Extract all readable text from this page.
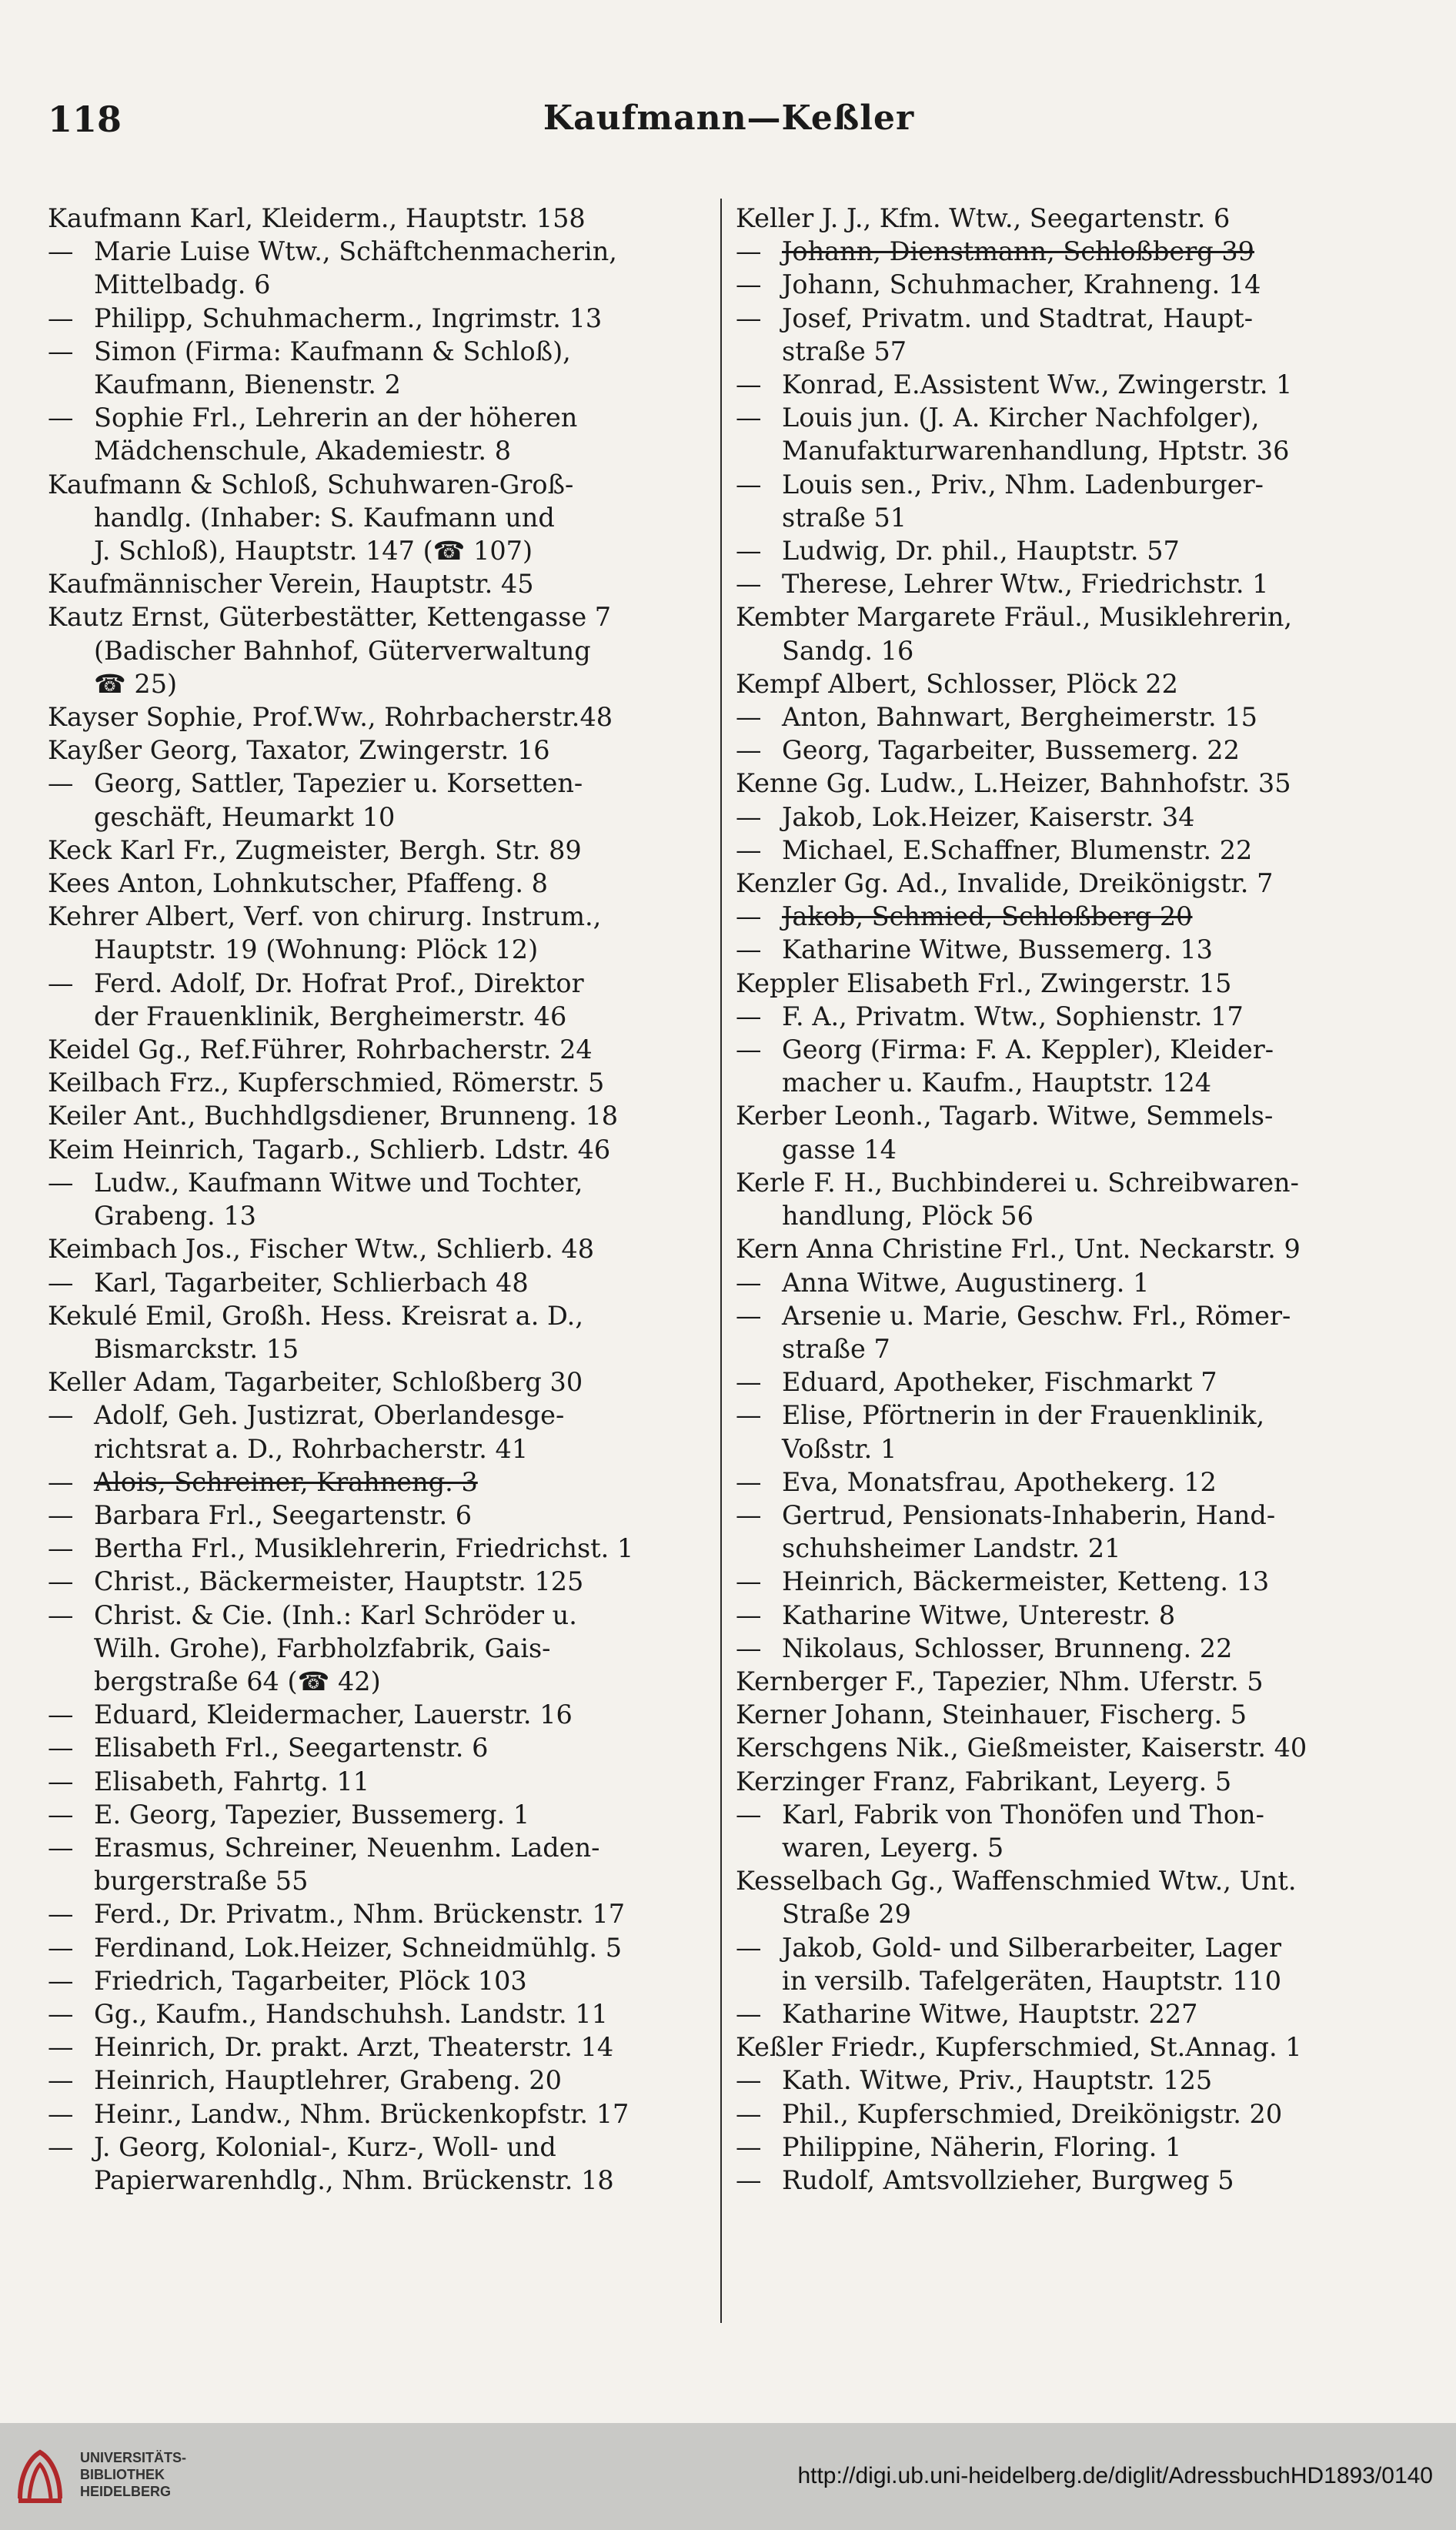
118	Kaufmann—Keßler
Kaufmann Karl, Kleiderm., Hauptstr. 158
— Marie Luise Wtw., Schäftchenmacherin,
Mittelbadg. 6
— Philipp, Schuhmacherm., Ingrimstr. 13
— Simon (Firma: Kaufmann & Schloß),
Kaufmann, Bienenstr. 2
— Sophie Frl., Lehrerin an der höheren
Mädchenschule, Akademiestr. 8
Kaufmann & Schloß, Schuhwaren-Groß-
handlg. (Inhaber: S. Kaufmann und
J. Schloß), Hauptstr. 147 (☎ 107)
Kaufmännischer Verein, Hauptstr. 45
Kautz Ernst, Güterbestätter, Kettengasse 7
(Badischer Bahnhof, Güterverwaltung
☎ 25)
Kayser Sophie, Prof.Ww., Rohrbacherstr.48
Kayßer Georg, Taxator, Zwingerstr. 16
— Georg, Sattler, Tapezier u. Korsetten-
geschäft, Heumarkt 10
Keck Karl Fr., Zugmeister, Bergh. Str. 89
Kees Anton, Lohnkutscher, Pfaffeng. 8
Kehrer Albert, Verf. von chirurg. Instrum.,
Hauptstr. 19 (Wohnung: Plöck 12)
— Ferd. Adolf, Dr. Hofrat Prof., Direktor
der Frauenklinik, Bergheimerstr. 46
Keidel Gg., Ref.Führer, Rohrbacherstr. 24
Keilbach Frz., Kupferschmied, Römerstr. 5
Keiler Ant., Buchhdlgsdiener, Brunneng. 18
Keim Heinrich, Tagarb., Schlierb. Ldstr. 46
— Ludw., Kaufmann Witwe und Tochter,
Grabeng. 13
Keimbach Jos., Fischer Wtw., Schlierb. 48
— Karl, Tagarbeiter, Schlierbach 48
Kekulé Emil, Großh. Hess. Kreisrat a. D.,
Bismarckstr. 15
Keller Adam, Tagarbeiter, Schloßberg 30
— Adolf, Geh. Justizrat, Oberlandesge-
richtsrat a. D., Rohrbacherstr. 41
— Alois, Schreiner, Krahneng. 3
— Barbara Frl., Seegartenstr. 6
— Bertha Frl., Musiklehrerin, Friedrichst. 1
— Christ., Bäckermeister, Hauptstr. 125
— Christ. & Cie. (Inh.: Karl Schröder u.
Wilh. Grohe), Farbholzfabrik, Gais-
bergstraße 64 (☎ 42)
— Eduard, Kleidermacher, Lauerstr. 16
— Elisabeth Frl., Seegartenstr. 6
— Elisabeth, Fahrtg. 11
— E. Georg, Tapezier, Bussemerg. 1
— Erasmus, Schreiner, Neuenhm. Laden-
burgerstraße 55
— Ferd., Dr. Privatm., Nhm. Brückenstr. 17
— Ferdinand, Lok.Heizer, Schneidmühlg. 5
— Friedrich, Tagarbeiter, Plöck 103
— Gg., Kaufm., Handschuhsh. Landstr. 11
— Heinrich, Dr. prakt. Arzt, Theaterstr. 14
— Heinrich, Hauptlehrer, Grabeng. 20
— Heinr., Landw., Nhm. Brückenkopfstr. 17
— J. Georg, Kolonial-, Kurz-, Woll- und
Papierwarenhdlg., Nhm. Brückenstr. 18
Keller J. J., Kfm. Wtw., Seegartenstr. 6
— Johann, Dienstmann, Schloßberg 39
— Johann, Schuhmacher, Krahneng. 14
— Josef, Privatm. und Stadtrat, Haupt-
straße 57
— Konrad, E.Assistent Ww., Zwingerstr. 1
— Louis jun. (J. A. Kircher Nachfolger),
Manufakturwarenhandlung, Hptstr. 36
— Louis sen., Priv., Nhm. Ladenburger-
straße 51
— Ludwig, Dr. phil., Hauptstr. 57
— Therese, Lehrer Wtw., Friedrichstr. 1
Kembter Margarete Fräul., Musiklehrerin,
Sandg. 16
Kempf Albert, Schlosser, Plöck 22
— Anton, Bahnwart, Bergheimerstr. 15
— Georg, Tagarbeiter, Bussemerg. 22
Kenne Gg. Ludw., L.Heizer, Bahnhofstr. 35
— Jakob, Lok.Heizer, Kaiserstr. 34
— Michael, E.Schaffner, Blumenstr. 22
Kenzler Gg. Ad., Invalide, Dreikönigstr. 7
— Jakob, Schmied, Schloßberg 20
— Katharine Witwe, Bussemerg. 13
Keppler Elisabeth Frl., Zwingerstr. 15
— F. A., Privatm. Wtw., Sophienstr. 17
— Georg (Firma: F. A. Keppler), Kleider-
macher u. Kaufm., Hauptstr. 124
Kerber Leonh., Tagarb. Witwe, Semmels-
gasse 14
Kerle F. H., Buchbinderei u. Schreibwaren-
handlung, Plöck 56
Kern Anna Christine Frl., Unt. Neckarstr. 9
— Anna Witwe, Augustinerg. 1
— Arsenie u. Marie, Geschw. Frl., Römer-
straße 7
— Eduard, Apotheker, Fischmarkt 7
— Elise, Pförtnerin in der Frauenklinik,
Voßstr. 1
— Eva, Monatsfrau, Apothekerg. 12
— Gertrud, Pensionats-Inhaberin, Hand-
schuhsheimer Landstr. 21
— Heinrich, Bäckermeister, Ketteng. 13
— Katharine Witwe, Unterestr. 8
— Nikolaus, Schlosser, Brunneng. 22
Kernberger F., Tapezier, Nhm. Uferstr. 5
Kerner Johann, Steinhauer, Fischerg. 5
Kerschgens Nik., Gießmeister, Kaiserstr. 40
Kerzinger Franz, Fabrikant, Leyerg. 5
— Karl, Fabrik von Thonöfen und Thon-
waren, Leyerg. 5
Kesselbach Gg., Waffenschmied Wtw., Unt.
Straße 29
— Jakob, Gold- und Silberarbeiter, Lager
in versilb. Tafelgeräten, Hauptstr. 110
— Katharine Witwe, Hauptstr. 227
Keßler Friedr., Kupferschmied, St.Annag. 1
— Kath. Witwe, Priv., Hauptstr. 125
— Phil., Kupferschmied, Dreikönigstr. 20
— Philippine, Näherin, Floring. 1
— Rudolf, Amtsvollzieher, Burgweg 5
UNIVERSITÄTS-
BIBLIOTHEK
HEIDELBERG
http://digi.ub.uni-heidelberg.de/diglit/AdressbuchHD1893/0140
